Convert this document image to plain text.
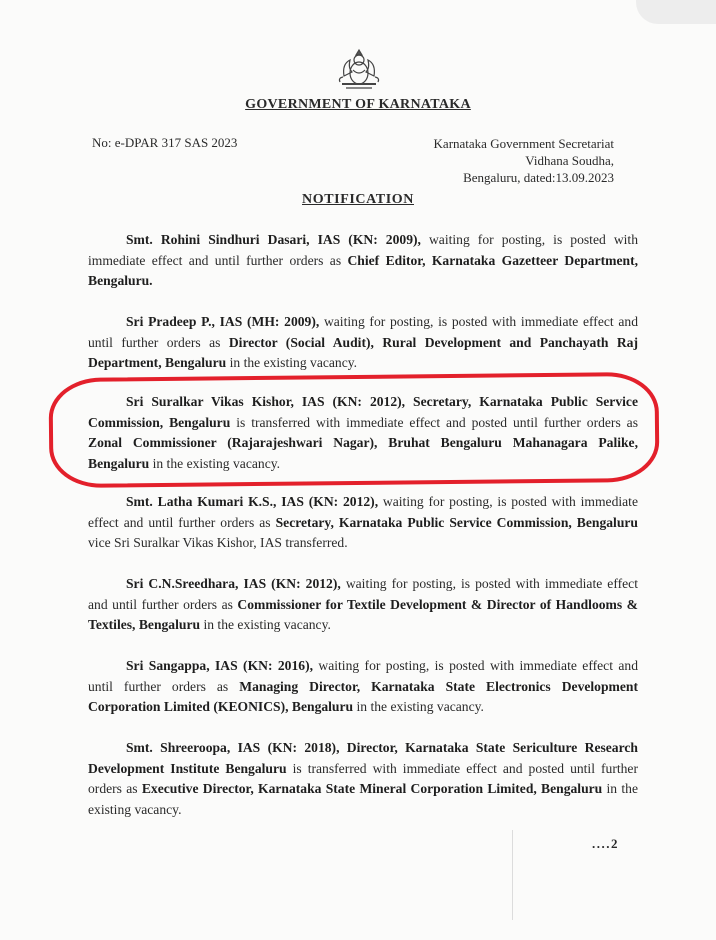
GOVERNMENT OF KARNATAKA
No: e-DPAR 317 SAS 2023	Karnataka Government Secretariat
Vidhana Soudha,
Bengaluru, dated:13.09.2023
NOTIFICATION

Smt. Rohini Sindhuri Dasari, IAS (KN: 2009), waiting for posting, is posted with immediate effect and until further orders as Chief Editor, Karnataka Gazetteer Department, Bengaluru.

Sri Pradeep P., IAS (MH: 2009), waiting for posting, is posted with immediate effect and until further orders as Director (Social Audit), Rural Development and Panchayath Raj Department, Bengaluru in the existing vacancy.

Sri Suralkar Vikas Kishor, IAS (KN: 2012), Secretary, Karnataka Public Service Commission, Bengaluru is transferred with immediate effect and posted until further orders as Zonal Commissioner (Rajarajeshwari Nagar), Bruhat Bengaluru Mahanagara Palike, Bengaluru in the existing vacancy.

Smt. Latha Kumari K.S., IAS (KN: 2012), waiting for posting, is posted with immediate effect and until further orders as Secretary, Karnataka Public Service Commission, Bengaluru vice Sri Suralkar Vikas Kishor, IAS transferred.

Sri C.N.Sreedhara, IAS (KN: 2012), waiting for posting, is posted with immediate effect and until further orders as Commissioner for Textile Development & Director of Handlooms & Textiles, Bengaluru in the existing vacancy.

Sri Sangappa, IAS (KN: 2016), waiting for posting, is posted with immediate effect and until further orders as Managing Director, Karnataka State Electronics Development Corporation Limited (KEONICS), Bengaluru in the existing vacancy.

Smt. Shreeroopa, IAS (KN: 2018), Director, Karnataka State Sericulture Research Development Institute Bengaluru is transferred with immediate effect and posted until further orders as Executive Director, Karnataka State Mineral Corporation Limited, Bengaluru in the existing vacancy.

....2
